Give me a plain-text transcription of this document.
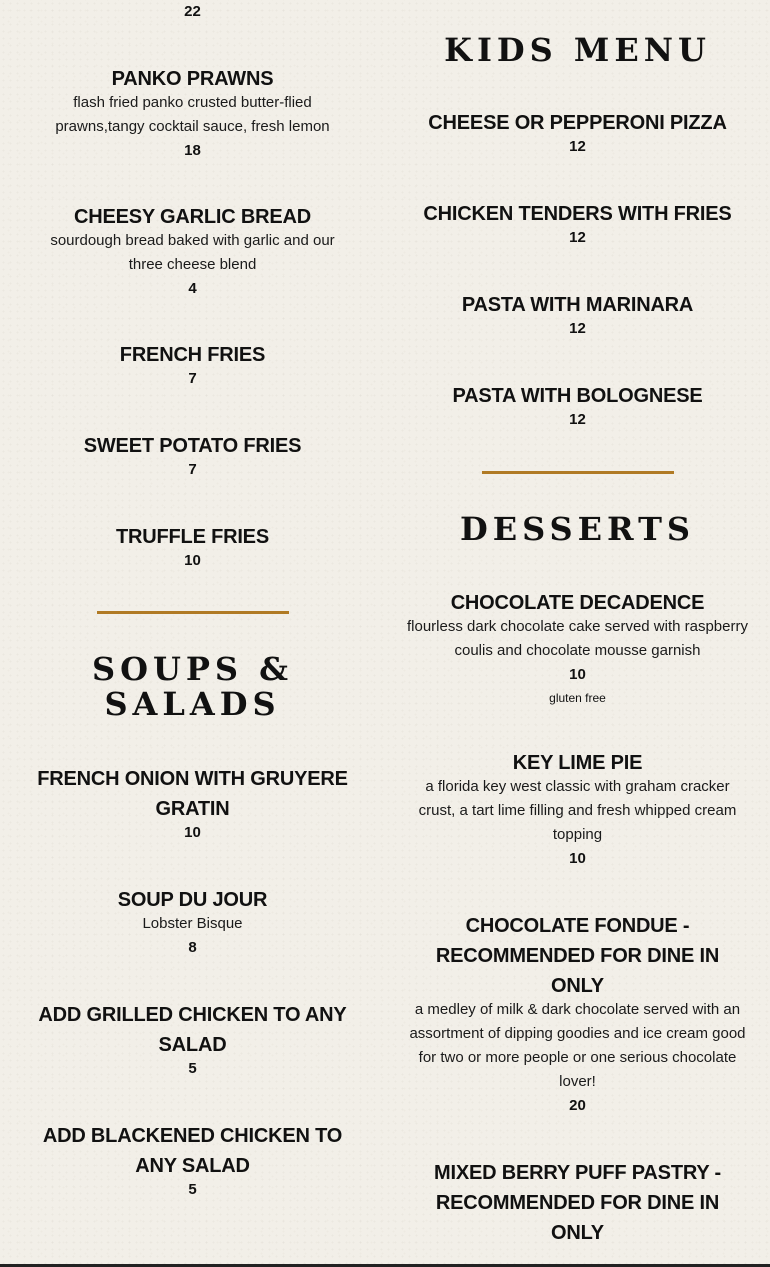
22

PANKO PRAWNS

flash fried panko crusted butter-flied prawns,tangy cocktail sauce, fresh lemon

18

CHEESY GARLIC BREAD

sourdough bread baked with garlic and our three cheese blend

4

FRENCH FRIES

7

SWEET POTATO FRIES

7

TRUFFLE FRIES

10

SOUPS & SALADS

FRENCH ONION WITH GRUYERE GRATIN

10

SOUP DU JOUR

Lobster Bisque

8

ADD GRILLED CHICKEN TO ANY SALAD

5

ADD BLACKENED CHICKEN TO ANY SALAD

5

KIDS MENU

CHEESE OR PEPPERONI PIZZA

12

CHICKEN TENDERS WITH FRIES

12

PASTA WITH MARINARA

12

PASTA WITH BOLOGNESE

12

DESSERTS

CHOCOLATE DECADENCE

flourless dark chocolate cake served with raspberry coulis and chocolate mousse garnish

10

gluten free

KEY LIME PIE

a florida key west classic with graham cracker crust, a tart lime filling and fresh whipped cream topping

10

CHOCOLATE FONDUE - RECOMMENDED FOR DINE IN ONLY

a medley of milk & dark chocolate served with an assortment of dipping goodies and ice cream good for two or more people or one serious chocolate lover!

20

MIXED BERRY PUFF PASTRY - RECOMMENDED FOR DINE IN ONLY
